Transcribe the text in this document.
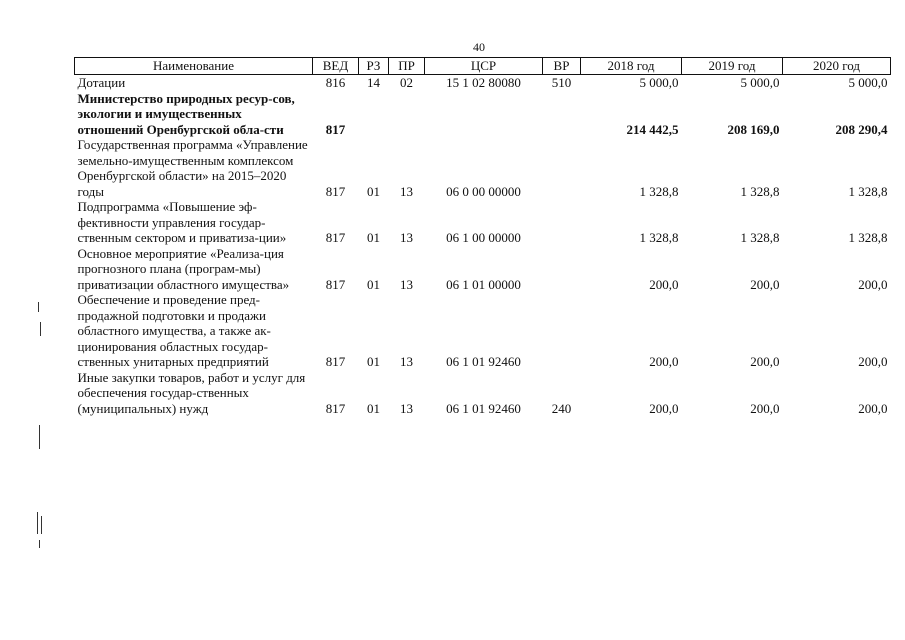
40
Наименование	ВЕД	РЗ	ПР	ЦСР	ВР	2018 год	2019 год	2020 год
Дотации	816	14	02	15 1 02 80080	510	5 000,0	5 000,0	5 000,0
Министерство природных ресур-сов, экологии и имущественных отношений Оренбургской обла-сти	817					214 442,5	208 169,0	208 290,4
Государственная программа «Управление земельно-имущественным комплексом Оренбургской области» на 2015–2020 годы	817	01	13	06 0 00 00000		1 328,8	1 328,8	1 328,8
Подпрограмма «Повышение эф-фективности управления государ-ственным сектором и приватиза-ции»	817	01	13	06 1 00 00000		1 328,8	1 328,8	1 328,8
Основное мероприятие «Реализа-ция прогнозного плана (програм-мы) приватизации областного имущества»	817	01	13	06 1 01 00000		200,0	200,0	200,0
Обеспечение и проведение пред-продажной подготовки и продажи областного имущества, а также ак-ционирования областных государ-ственных унитарных предприятий	817	01	13	06 1 01 92460		200,0	200,0	200,0
Иные закупки товаров, работ и услуг для обеспечения государ-ственных (муниципальных) нужд	817	01	13	06 1 01 92460	240	200,0	200,0	200,0
